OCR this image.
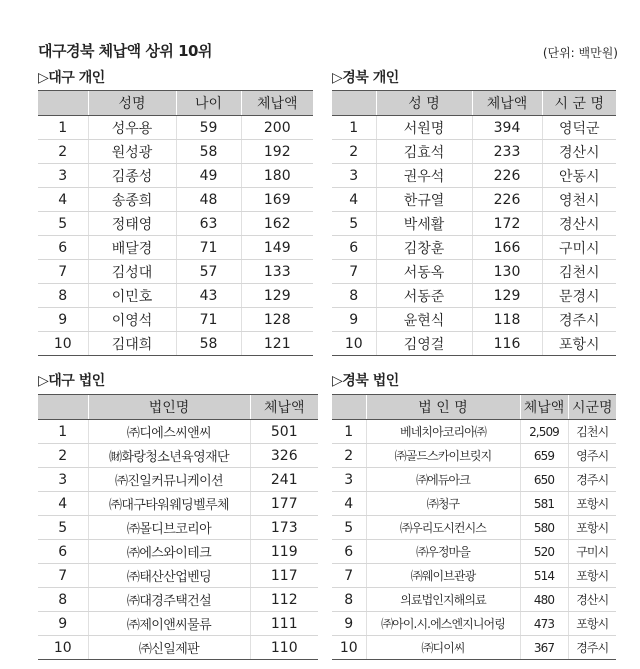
대구경북 체납액 상위 10위	(단위: 백만원)
▷대구 개인
	성명	나이	체납액
1	성우용	59	200
2	원성광	58	192
3	김종성	49	180
4	송종희	48	169
5	정태영	63	162
6	배달경	71	149
7	김성대	57	133
8	이민호	43	129
9	이영석	71	128
10	김대희	58	121
▷경북 개인
	성 명	체납액	시 군 명
1	서원명	394	영덕군
2	김효석	233	경산시
3	권우석	226	안동시
4	한규열	226	영천시
5	박세활	172	경산시
6	김창훈	166	구미시
7	서동옥	130	김천시
8	서동준	129	문경시
9	윤현식	118	경주시
10	김영걸	116	포항시
▷대구 법인
	법인명	체납액
1	㈜디에스씨앤씨	501
2	㈶화랑청소년육영재단	326
3	㈜진일커뮤니케이션	241
4	㈜대구타워웨딩벨루체	177
5	㈜몰디브코리아	173
6	㈜에스와이테크	119
7	㈜태산산업벤딩	117
8	㈜대경주택건설	112
9	㈜제이앤씨물류	111
10	㈜신일제판	110
▷경북 법인
	법 인 명	체납액	시군명
1	베네치아코리아㈜	2,509	김천시
2	㈜골드스카이브릿지	659	영주시
3	㈜에듀아크	650	경주시
4	㈜청구	581	포항시
5	㈜우리도시컨시스	580	포항시
6	㈜우정마을	520	구미시
7	㈜웨이브관광	514	포항시
8	의료법인지해의료	480	경산시
9	㈜아이.시.에스엔지니어링	473	포항시
10	㈜디이씨	367	경주시
